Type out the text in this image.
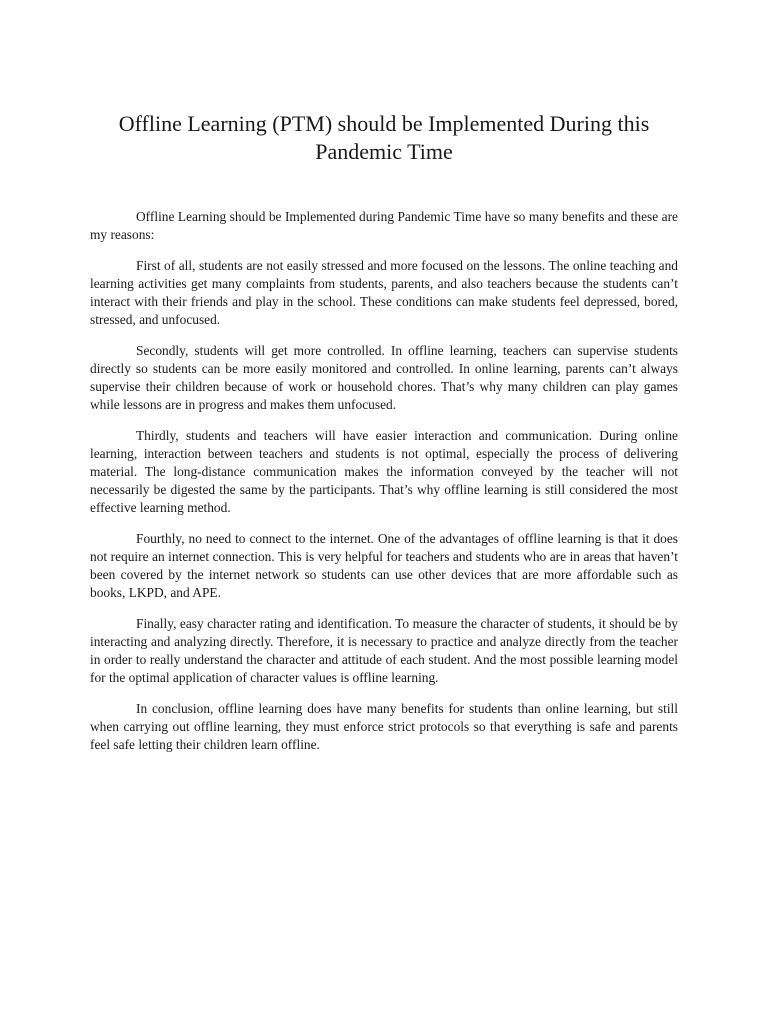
Offline Learning (PTM) should be Implemented During this Pandemic Time

Offline Learning should be Implemented during Pandemic Time have so many benefits and these are my reasons:

First of all, students are not easily stressed and more focused on the lessons. The online teaching and learning activities get many complaints from students, parents, and also teachers because the students can’t interact with their friends and play in the school. These conditions can make students feel depressed, bored, stressed, and unfocused.

Secondly, students will get more controlled. In offline learning, teachers can supervise students directly so students can be more easily monitored and controlled. In online learning, parents can’t always supervise their children because of work or household chores. That’s why many children can play games while lessons are in progress and makes them unfocused.

Thirdly, students and teachers will have easier interaction and communication. During online learning, interaction between teachers and students is not optimal, especially the process of delivering material. The long-distance communication makes the information conveyed by the teacher will not necessarily be digested the same by the participants. That’s why offline learning is still considered the most effective learning method.

Fourthly, no need to connect to the internet. One of the advantages of offline learning is that it does not require an internet connection. This is very helpful for teachers and students who are in areas that haven’t been covered by the internet network so students can use other devices that are more affordable such as books, LKPD, and APE.

Finally, easy character rating and identification. To measure the character of students, it should be by interacting and analyzing directly. Therefore, it is necessary to practice and analyze directly from the teacher in order to really understand the character and attitude of each student. And the most possible learning model for the optimal application of character values is offline learning.

In conclusion, offline learning does have many benefits for students than online learning, but still when carrying out offline learning, they must enforce strict protocols so that everything is safe and parents feel safe letting their children learn offline.
